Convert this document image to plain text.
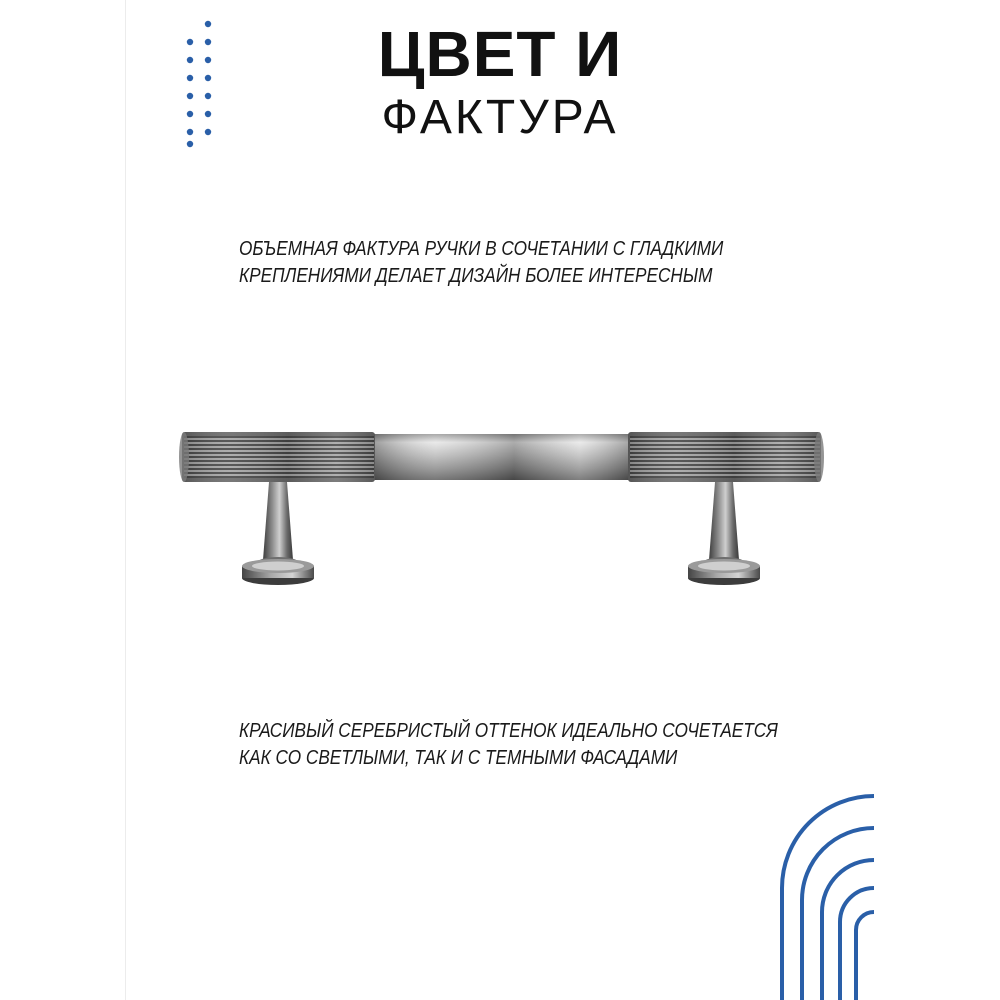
ЦВЕТ И
ФАКТУРА
ОБЪЕМНАЯ ФАКТУРА РУЧКИ В СОЧЕТАНИИ С ГЛАДКИМИ
КРЕПЛЕНИЯМИ ДЕЛАЕТ ДИЗАЙН БОЛЕЕ ИНТЕРЕСНЫМ
КРАСИВЫЙ СЕРЕБРИСТЫЙ ОТТЕНОК ИДЕАЛЬНО СОЧЕТАЕТСЯ
КАК СО СВЕТЛЫМИ, ТАК И С ТЕМНЫМИ ФАСАДАМИ
